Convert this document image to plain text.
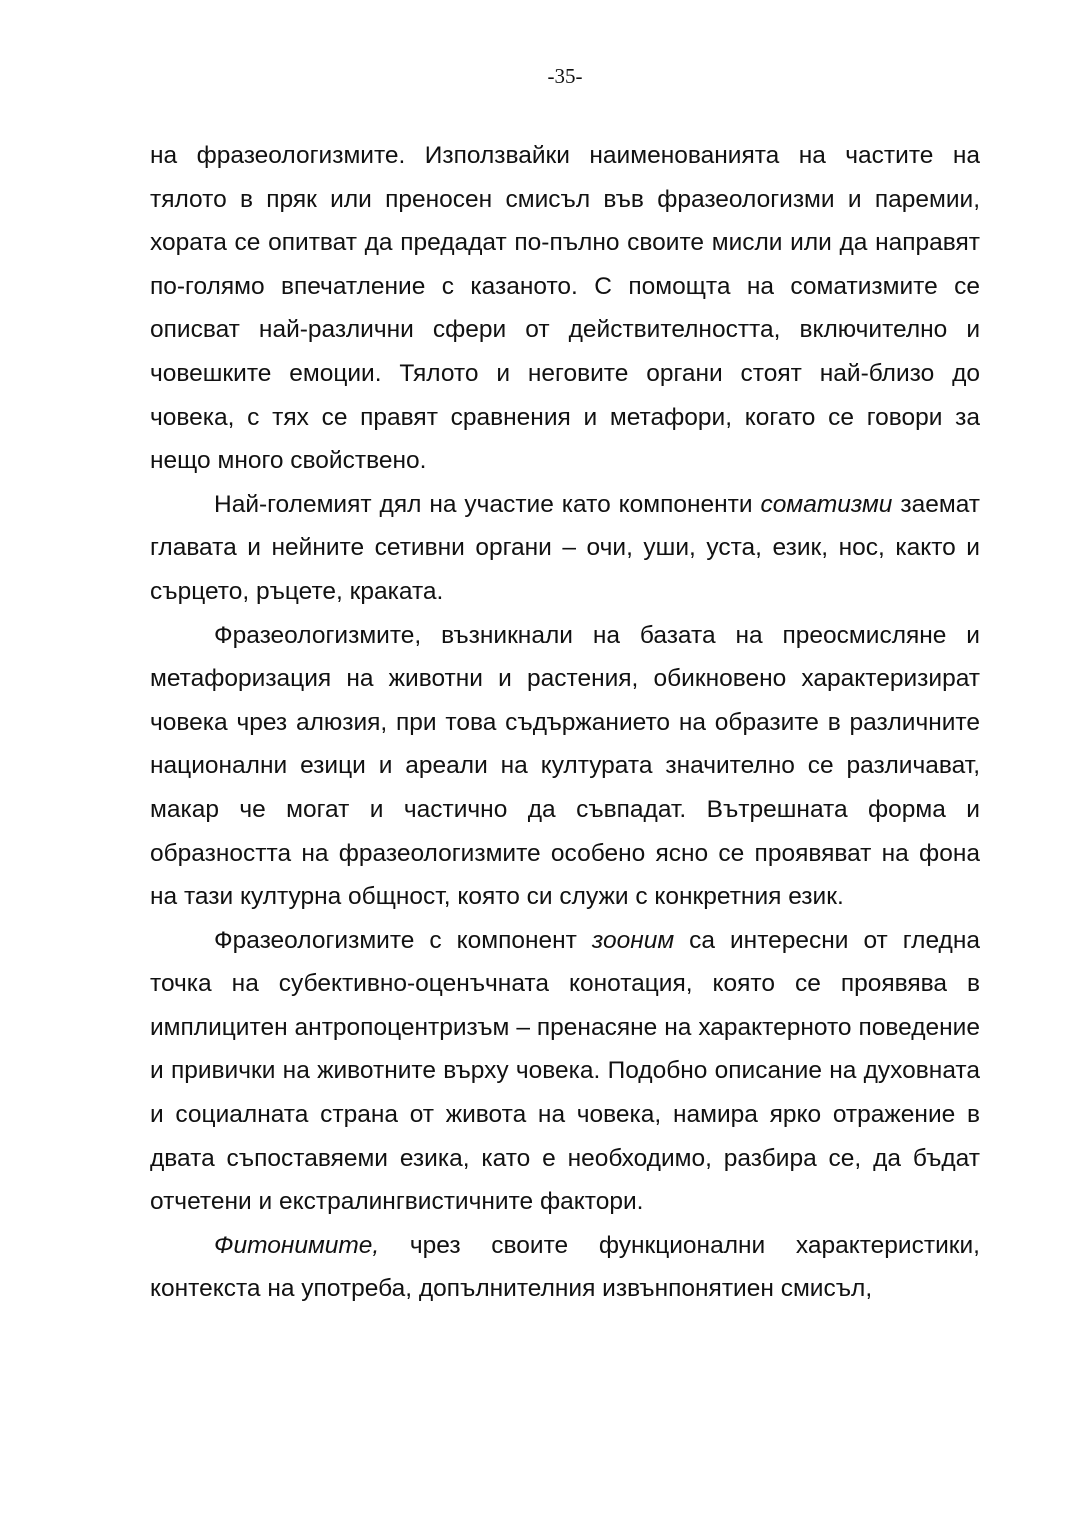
-35-

на фразеологизмите. Използвайки наименованията на частите на тялото в пряк или преносен смисъл във фразеологизми и паремии, хората се опитват да предадат по-пълно своите мисли или да направят по-голямо впечатление с казаното. С помощта на соматизмите се описват най-различни сфери от действителността, включително и човешките емоции. Тялото и неговите органи стоят най-близо до човека, с тях се правят сравнения и метафори, когато се говори за нещо много свойствено.

Най-големият дял на участие като компоненти соматизми заемат главата и нейните сетивни органи – очи, уши, уста, език, нос, както и сърцето, ръцете, краката.

Фразеологизмите, възникнали на базата на преосмисляне и метафоризация на животни и растения, обикновено характеризират човека чрез алюзия, при това съдържанието на образите в различните национални езици и ареали на културата значително се различават, макар че могат и частично да съвпадат. Вътрешната форма и образността на фразеологизмите особено ясно се проявяват на фона на тази културна общност, която си служи с конкретния език.

Фразеологизмите с компонент зооним са интересни от гледна точка на субективно-оценъчната конотация, която се проявява в имплицитен антропоцентризъм – пренасяне на характерното поведение и привички на животните върху човека. Подобно описание на духовната и социалната страна от живота на човека, намира ярко отражение в двата съпоставяеми езика, като е необходимо, разбира се, да бъдат отчетени и екстралингвистичните фактори.

Фитонимите, чрез своите функционални характеристики, контекста на употреба, допълнителния извънпонятиен смисъл,
